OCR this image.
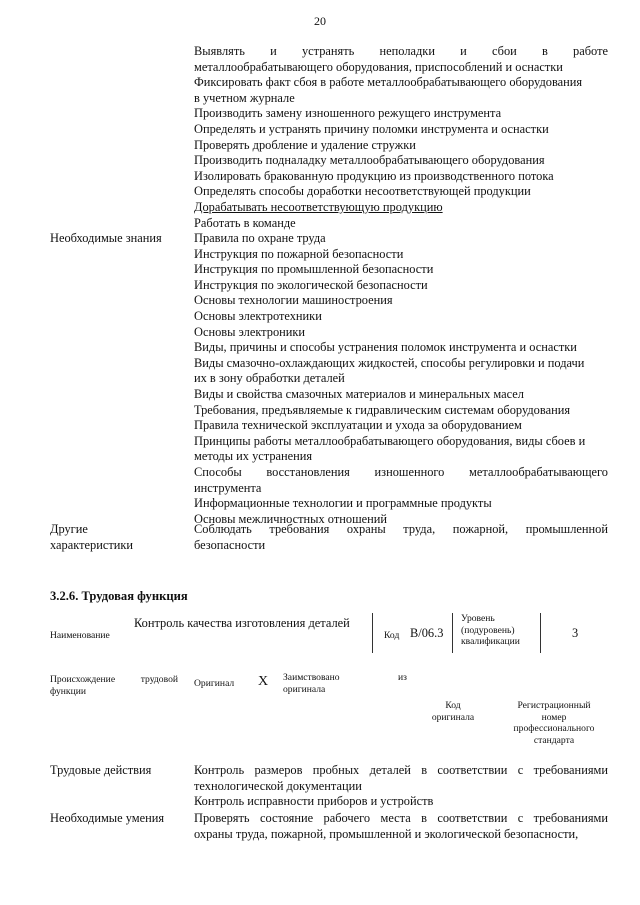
20
Выявлять и устранять неполадки и сбои в работе
металлообрабатывающего оборудования, приспособлений и оснастки
Фиксировать факт сбоя в работе металлообрабатывающего оборудования
в учетном журнале
Производить замену изношенного режущего инструмента
Определять и устранять причину поломки инструмента и оснастки
Проверять дробление и удаление стружки
Производить подналадку металлообрабатывающего оборудования
Изолировать бракованную продукцию из производственного потока
Определять способы доработки несоответствующей продукции
Дорабатывать несоответствующую продукцию
Работать в команде
Необходимые знания	Правила по охране труда
Инструкция по пожарной безопасности
Инструкция по промышленной безопасности
Инструкция по экологической безопасности
Основы технологии машиностроения
Основы электротехники
Основы электроники
Виды, причины и способы устранения поломок инструмента и оснастки
Виды смазочно-охлаждающих жидкостей, способы регулировки и подачи
их в зону обработки деталей
Виды и свойства смазочных материалов и минеральных масел
Требования, предъявляемые к гидравлическим системам оборудования
Правила технической эксплуатации и ухода за оборудованием
Принципы работы металлообрабатывающего оборудования, виды сбоев и
методы их устранения
Способы восстановления изношенного металлообрабатывающего
инструмента
Информационные технологии и программные продукты
Основы межличностных отношений
Другие
характеристики
Соблюдать требования охраны труда, пожарной, промышленной
безопасности
3.2.6. Трудовая функция
Наименование
Контроль качества изготовления деталей
Код B/06.3
Уровень
(подуровень)
квалификации
3
Происхождение трудовой
функции
Оригинал X Заимствовано
оригинала
из
Код
оригинала
Регистрационный
номер
профессионального
стандарта
Трудовые действия	Контроль размеров пробных деталей в соответствии с требованиями
технологической документации
Контроль исправности приборов и устройств
Необходимые умения Проверять состояние рабочего места в соответствии с требованиями
охраны труда, пожарной, промышленной и экологической безопасности,
